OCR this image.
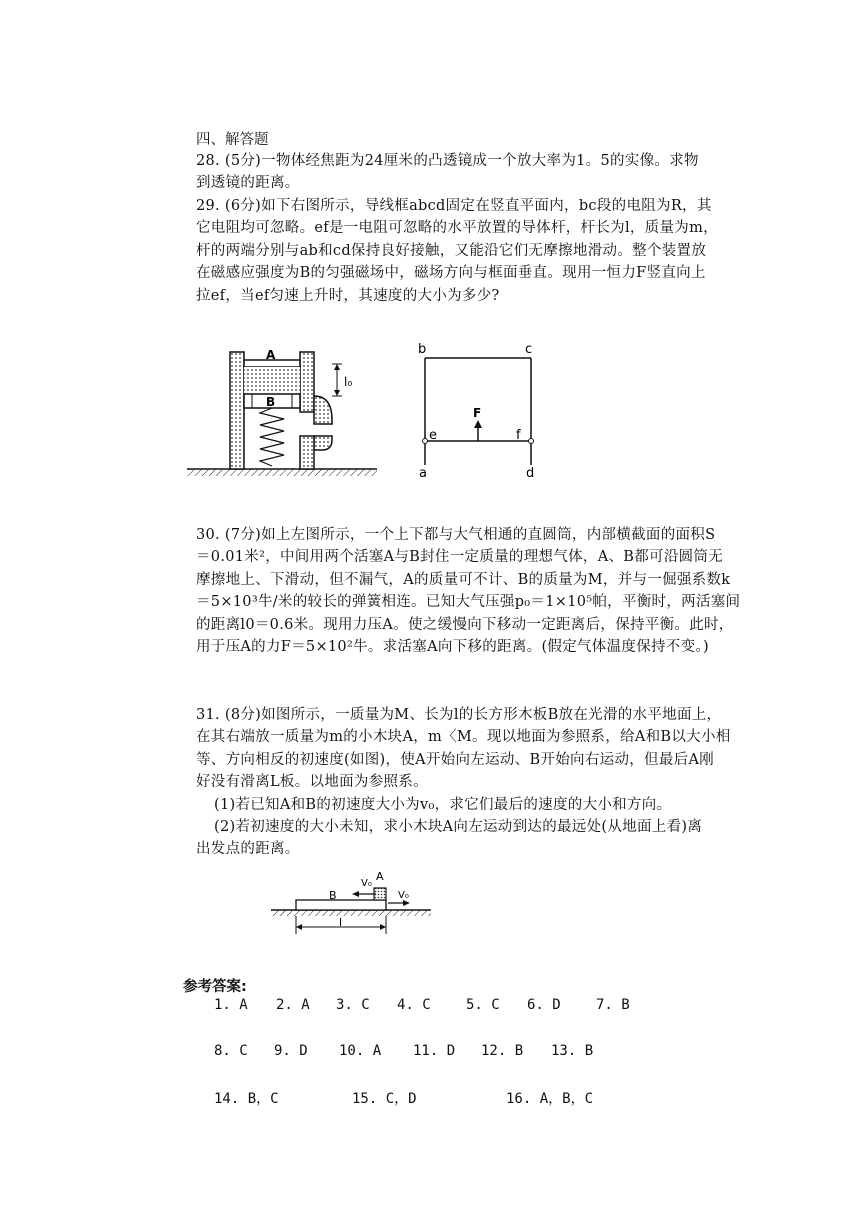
四、解答题
28. (5分)一物体经焦距为24厘米的凸透镜成一个放大率为1。5的实像。求物
到透镜的距离。
29. (6分)如下右图所示，导线框abcd固定在竖直平面内，bc段的电阻为R，其
它电阻均可忽略。ef是一电阻可忽略的水平放置的导体杆，杆长为l，质量为m，
杆的两端分别与ab和cd保持良好接触，又能沿它们无摩擦地滑动。整个装置放
在磁感应强度为B的匀强磁场中，磁场方向与框面垂直。现用一恒力F竖直向上
拉ef，当ef匀速上升时，其速度的大小为多少?
l₀
A
B
F
b	c
e	f
a	d
30. (7分)如上左图所示，一个上下都与大气相通的直圆筒，内部横截面的面积S
＝0.01米²，中间用两个活塞A与B封住一定质量的理想气体，A、B都可沿圆筒无
摩擦地上、下滑动，但不漏气，A的质量可不计、B的质量为M，并与一倔强系数k
＝5×10³牛/米的较长的弹簧相连。已知大气压强p₀＝1×10⁵帕，平衡时，两活塞间
的距离l0＝0.6米。现用力压A。使之缓慢向下移动一定距离后，保持平衡。此时，
用于压A的力F＝5×10²牛。求活塞A向下移的距离。(假定气体温度保持不变。)
31. (8分)如图所示，一质量为M、长为l的长方形木板B放在光滑的水平地面上，
在其右端放一质量为m的小木块A，m〈M。现以地面为参照系，给A和B以大小相
等、方向相反的初速度(如图)，使A开始向左运动、B开始向右运动，但最后A刚
好没有滑离L板。以地面为参照系。
(1)若已知A和B的初速度大小为v₀，求它们最后的速度的大小和方向。
(2)若初速度的大小未知，求小木块A向左运动到达的最远处(从地面上看)离
出发点的距离。
V₀
A
V₀
B
l
参考答案:
1. A 2. A 3. C 4. C	5. C 6. D	7. B
8. C 9. D 10. A 11. D 12. B 13. B
14. B，C	15. C，D	16. A，B，C
